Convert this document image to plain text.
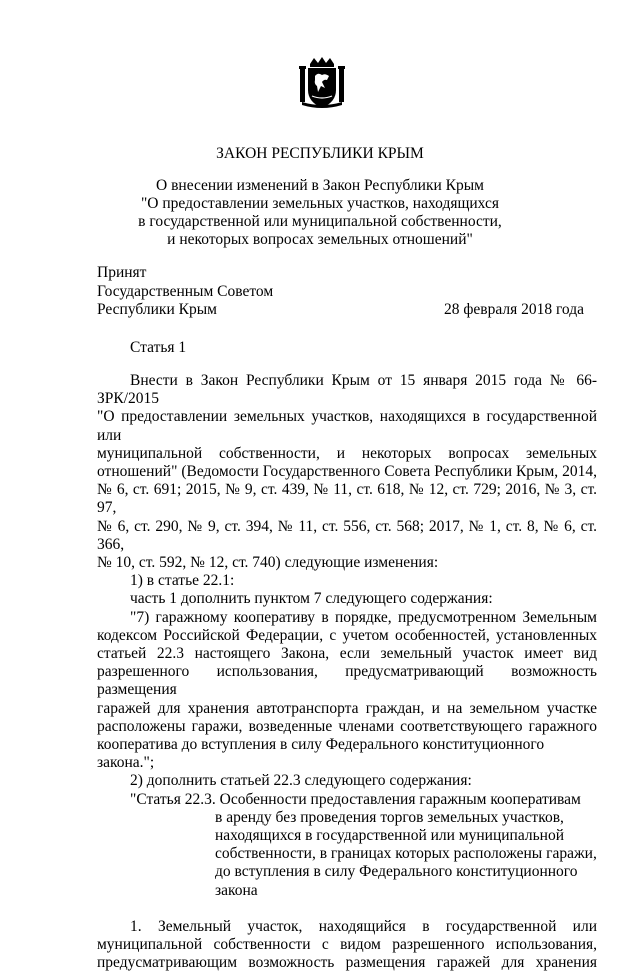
ЗАКОН РЕСПУБЛИКИ КРЫМ
О внесении изменений в Закон Республики Крым
"О предоставлении земельных участков, находящихся
в государственной или муниципальной собственности,
и некоторых вопросах земельных отношений"
Принят
Государственным Советом
Республики Крым	28 февраля 2018 года
Статья 1

Внести в Закон Республики Крым от 15 января 2015 года № 66-ЗРК/2015

"О предоставлении земельных участков, находящихся в государственной или

муниципальной собственности, и некоторых вопросах земельных

отношений" (Ведомости Государственного Совета Республики Крым, 2014,

№ 6, ст. 691; 2015, № 9, ст. 439, № 11, ст. 618, № 12, ст. 729; 2016, № 3, ст. 97,

№ 6, ст. 290, № 9, ст. 394, № 11, ст. 556, ст. 568; 2017, № 1, ст. 8, № 6, ст. 366,

№ 10, ст. 592, № 12, ст. 740) следующие изменения:

1) в статье 22.1:

часть 1 дополнить пунктом 7 следующего содержания:

"7) гаражному кооперативу в порядке, предусмотренном Земельным

кодексом Российской Федерации, с учетом особенностей, установленных

статьей 22.3 настоящего Закона, если земельный участок имеет вид

разрешенного использования, предусматривающий возможность размещения

гаражей для хранения автотранспорта граждан, и на земельном участке

расположены гаражи, возведенные членами соответствующего гаражного

кооператива до вступления в силу Федерального конституционного закона.";

2) дополнить статьей 22.3 следующего содержания:

"Статья 22.3. Особенности предоставления гаражным кооперативам

в аренду без проведения торгов земельных участков,

находящихся в государственной или муниципальной

собственности, в границах которых расположены гаражи,

до вступления в силу Федерального конституционного

закона

1. Земельный участок, находящийся в государственной или

муниципальной собственности с видом разрешенного использования,

предусматривающим возможность размещения гаражей для хранения
